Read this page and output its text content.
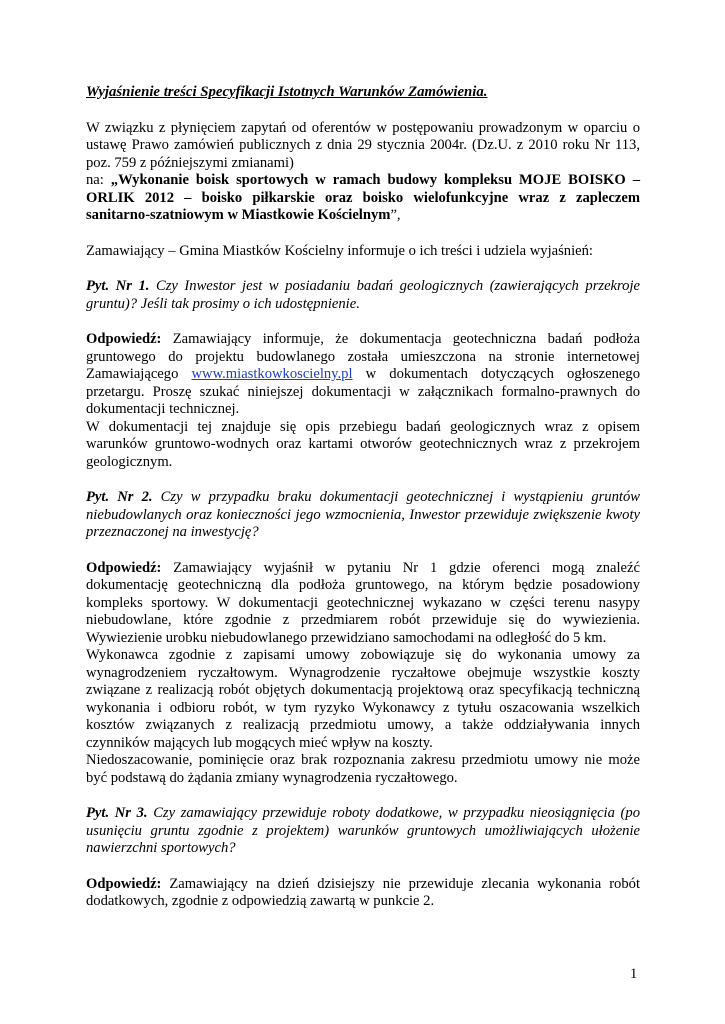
Wyjaśnienie treści Specyfikacji Istotnych Warunków Zamówienia.

W związku z płynięciem zapytań od oferentów w postępowaniu prowadzonym w oparciu o ustawę Prawo zamówień publicznych z dnia 29 stycznia 2004r. (Dz.U. z 2010 roku Nr 113, poz. 759 z późniejszymi zmianami)
na: „Wykonanie boisk sportowych w ramach budowy kompleksu MOJE BOISKO – ORLIK 2012 – boisko piłkarskie oraz boisko wielofunkcyjne wraz z zapleczem sanitarno-szatniowym w Miastkowie Kościelnym”,

Zamawiający – Gmina Miastków Kościelny informuje o ich treści i udziela wyjaśnień:

Pyt. Nr 1. Czy Inwestor jest w posiadaniu badań geologicznych (zawierających przekroje gruntu)? Jeśli tak prosimy o ich udostępnienie.

Odpowiedź: Zamawiający informuje, że dokumentacja geotechniczna badań podłoża gruntowego do projektu budowlanego została umieszczona na stronie internetowej Zamawiającego www.miastkowkoscielny.pl w dokumentach dotyczących ogłoszenego przetargu. Proszę szukać niniejszej dokumentacji w załącznikach formalno-prawnych do dokumentacji technicznej.

W dokumentacji tej znajduje się opis przebiegu badań geologicznych wraz z opisem warunków gruntowo-wodnych oraz kartami otworów geotechnicznych wraz z przekrojem geologicznym.

Pyt. Nr 2. Czy w przypadku braku dokumentacji geotechnicznej i wystąpieniu gruntów niebudowlanych oraz konieczności jego wzmocnienia, Inwestor przewiduje zwiększenie kwoty przeznaczonej na inwestycję?

Odpowiedź: Zamawiający wyjaśnił w pytaniu Nr 1 gdzie oferenci mogą znaleźć dokumentację geotechniczną dla podłoża gruntowego, na którym będzie posadowiony kompleks sportowy. W dokumentacji geotechnicznej wykazano w części terenu nasypy niebudowlane, które zgodnie z przedmiarem robót przewiduje się do wywiezienia. Wywiezienie urobku niebudowlanego przewidziano samochodami na odległość do 5 km.

Wykonawca zgodnie z zapisami umowy zobowiązuje się do wykonania umowy za wynagrodzeniem ryczałtowym. Wynagrodzenie ryczałtowe obejmuje wszystkie koszty związane z realizacją robót objętych dokumentacją projektową oraz specyfikacją techniczną wykonania i odbioru robót, w tym ryzyko Wykonawcy z tytułu oszacowania wszelkich kosztów związanych z realizacją przedmiotu umowy, a także oddziaływania innych czynników mających lub mogących mieć wpływ na koszty.

Niedoszacowanie, pominięcie oraz brak rozpoznania zakresu przedmiotu umowy nie może być podstawą do żądania zmiany wynagrodzenia ryczałtowego.

Pyt. Nr 3. Czy zamawiający przewiduje roboty dodatkowe, w przypadku nieosiągnięcia (po usunięciu gruntu zgodnie z projektem) warunków gruntowych umożliwiających ułożenie nawierzchni sportowych?

Odpowiedź: Zamawiający na dzień dzisiejszy nie przewiduje zlecania wykonania robót dodatkowych, zgodnie z odpowiedzią zawartą w punkcie 2.

1
